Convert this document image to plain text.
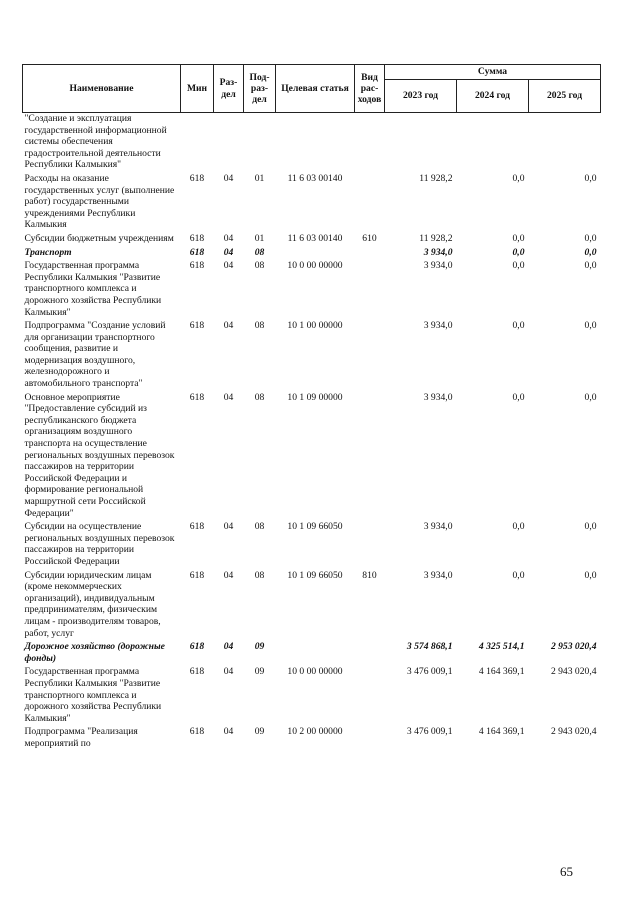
Наименование	Мин	Раз-дел	Под-раз-дел	Целевая статья	Вид рас-ходов	Сумма		
						2023 год	2024 год	2025 год
"Создание и эксплуатация государственной информационной системы обеспечения градостроительной деятельности Республики Калмыкия"								
Расходы на оказание государственных услуг (выполнение работ) государственными учреждениями Республики Калмыкия	618	04	01	11 6 03 00140		11 928,2	0,0	0,0
Субсидии бюджетным учреждениям	618	04	01	11 6 03 00140	610	11 928,2	0,0	0,0
Транспорт	618	04	08			3 934,0	0,0	0,0
Государственная программа Республики Калмыкия "Развитие транспортного комплекса и дорожного хозяйства Республики Калмыкия"	618	04	08	10 0 00 00000		3 934,0	0,0	0,0
Подпрограмма "Создание условий для организации транспортного сообщения, развитие и модернизация воздушного, железнодорожного и автомобильного транспорта"	618	04	08	10 1 00 00000		3 934,0	0,0	0,0
Основное мероприятие "Предоставление субсидий из республиканского бюджета организациям воздушного транспорта на осуществление региональных воздушных перевозок пассажиров на территории Российской Федерации и формирование региональной маршрутной сети Российской Федерации"	618	04	08	10 1 09 00000		3 934,0	0,0	0,0
Субсидии на осуществление региональных воздушных перевозок пассажиров на территории Российской Федерации	618	04	08	10 1 09 66050		3 934,0	0,0	0,0
Субсидии юридическим лицам (кроме некоммерческих организаций), индивидуальным предпринимателям, физическим лицам - производителям товаров, работ, услуг	618	04	08	10 1 09 66050	810	3 934,0	0,0	0,0
Дорожное хозяйство (дорожные фонды)	618	04	09			3 574 868,1	4 325 514,1	2 953 020,4
Государственная программа Республики Калмыкия "Развитие транспортного комплекса и дорожного хозяйства Республики Калмыкия"	618	04	09	10 0 00 00000		3 476 009,1	4 164 369,1	2 943 020,4
Подпрограмма "Реализация мероприятий по	618	04	09	10 2 00 00000		3 476 009,1	4 164 369,1	2 943 020,4
65
